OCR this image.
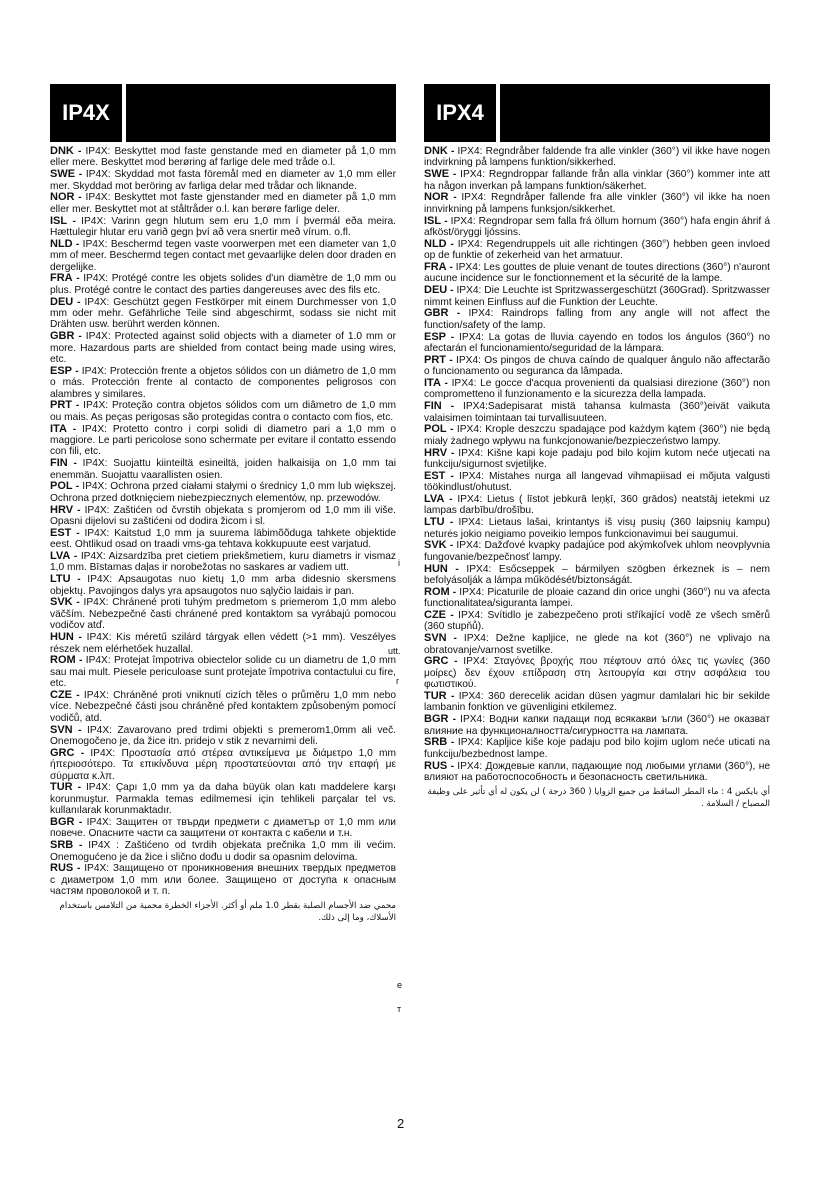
IP4X
DNK - IP4X: Beskyttet mod faste genstande med en diameter på 1,0 mm eller mere. Beskyttet mod berøring af farlige dele med tråde o.l.
SWE - IP4X: Skyddad mot fasta föremål med en diameter av 1,0 mm eller mer. Skyddad mot beröring av farliga delar med trådar och liknande.
NOR - IP4X: Beskyttet mot faste gjenstander med en diameter på 1,0 mm eller mer. Beskyttet mot at ståltråder o.l. kan berøre farlige deler.
ISL - IP4X: Varinn gegn hlutum sem eru 1,0 mm í þvermál eða meira. Hættulegir hlutar eru varið gegn því að vera snertir með vírum. o.fl.
NLD - IP4X: Beschermd tegen vaste voorwerpen met een diameter van 1,0 mm of meer. Beschermd tegen contact met gevaarlijke delen door draden en dergelijke.
FRA - IP4X: Protégé contre les objets solides d'un diamètre de 1,0 mm ou plus. Protégé contre le contact des parties dangereuses avec des fils etc.
DEU - IP4X: Geschützt gegen Festkörper mit einem Durchmesser von 1,0 mm oder mehr. Gefährliche Teile sind abgeschirmt, sodass sie nicht mit Drähten usw. berührt werden können.
GBR - IP4X: Protected against solid objects with a diameter of 1.0 mm or more. Hazardous parts are shielded from contact being made using wires, etc.
ESP - IP4X: Protección frente a objetos sólidos con un diámetro de 1,0 mm o más. Protección frente al contacto de componentes peligrosos con alambres y similares.
PRT - IP4X: Proteção contra objetos sólidos com um diâmetro de 1,0 mm ou mais. As peças perigosas são protegidas contra o contacto com fios, etc.
ITA - IP4X: Protetto contro i corpi solidi di diametro pari a 1,0 mm o maggiore. Le parti pericolose sono schermate per evitare il contatto essendo con fili, etc.
FIN - IP4X: Suojattu kiinteiltä esineiltä, joiden halkaisija on 1,0 mm tai enemmän. Suojattu vaarallisten osien.
POL - IP4X: Ochrona przed ciałami stałymi o średnicy 1,0 mm lub większej. Ochrona przed dotknięciem niebezpiecznych elementów, np. przewodów.
HRV - IP4X: Zaštićen od čvrstih objekata s promjerom od 1,0 mm ili više. Opasni dijelovi su zaštićeni od dodira žicom i sl.
EST - IP4X: Kaitstud 1,0 mm ja suurema läbimõõduga tahkete objektide eest. Ohtlikud osad on traadi vms-ga tehtava kokkupuute eest varjatud.
LVA - IP4X: Aizsardzība pret cietiem priekšmetiem, kuru diametrs ir vismaz 1,0 mm. Bīstamas daļas ir norobežotas no saskares ar vadiem utt.
LTU - IP4X: Apsaugotas nuo kietų 1,0 mm arba didesnio skersmens objektų. Pavojingos dalys yra apsaugotos nuo sąlyčio laidais ir pan.
SVK - IP4X: Chránené proti tuhým predmetom s priemerom 1,0 mm alebo väčším. Nebezpečné časti chránené pred kontaktom sa vyrábajú pomocou vodičov atď.
HUN - IP4X: Kis méretű szilárd tárgyak ellen védett (>1 mm). Veszélyes részek nem elérhetőek huzallal.
ROM - IP4X: Protejat împotriva obiectelor solide cu un diametru de 1,0 mm sau mai mult. Piesele periculoase sunt protejate împotriva contactului cu fire, etc.
CZE - IP4X: Chráněné proti vniknutí cizích těles o průměru 1,0 mm nebo více. Nebezpečné části jsou chráněné před kontaktem způsobeným pomocí vodičů, atd.
SVN - IP4X: Zavarovano pred trdimi objekti s premerom1,0mm ali več. Onemogočeno je, da žice itn. pridejo v stik z nevarnimi deli.
GRC - IP4X: Προστασία από στέρεα αντικείμενα με διάμετρο 1,0 mm ήπεριοσότερο. Τα επικίνδυνα μέρη προστατεύονται από την επαφή με σύρματα κ.λπ.
TUR - IP4X: Çapı 1,0 mm ya da daha büyük olan katı maddelere karşı korunmuştur. Parmakla temas edilmemesi için tehlikeli parçalar tel vs. kullanılarak korunmaktadır.
BGR - IP4X: Защитен от твърди предмети с диаметър от 1,0 mm или повече. Опасните части са защитени от контакта с кабели и т.н.
SRB - IP4X : Zaštićeno od tvrdih objekata prečnika 1,0 mm ili većim. Onemogućeno je da žice i slično dođu u dodir sa opasnim delovima.
RUS - IP4X: Защищено от проникновения внешних твердых предметов с диаметром 1,0 mm или более. Защищено от доступа к опасным частям проволокой и т. п.
محمي ضد الأجسام الصلبة بقطر 1.0 ملم أو أكثر. الأجزاء الخطرة محمية من التلامس باستخدام الأسلاك، وما إلى ذلك.
IPX4
DNK - IPX4: Regndråber faldende fra alle vinkler (360°) vil ikke have nogen indvirkning på lampens funktion/sikkerhed.
SWE - IPX4: Regndroppar fallande från alla vinklar (360°) kommer inte att ha någon inverkan på lampans funktion/säkerhet.
NOR - IPX4: Regndråper fallende fra alle vinkler (360°) vil ikke ha noen innvirkning på lampens funksjon/sikkerhet.
ISL - IPX4: Regndropar sem falla frá öllum hornum (360°) hafa engin áhrif á afköst/öryggi ljóssins.
NLD - IPX4: Regendruppels uit alle richtingen (360°) hebben geen invloed op de funktie of zekerheid van het armatuur.
FRA - IPX4: Les gouttes de pluie venant de toutes directions (360°) n'auront aucune incidence sur le fonctionnement et la sécurité de la lampe.
DEU - IPX4: Die Leuchte ist Spritzwassergeschützt (360Grad). Spritzwasser nimmt keinen Einfluss auf die Funktion der Leuchte.
GBR - IPX4: Raindrops falling from any angle will not affect the function/safety of the lamp.
ESP - IPX4: La gotas de lluvia cayendo en todos los ángulos (360°) no afectarán el funcionamiento/seguridad de la lámpara.
PRT - IPX4: Os pingos de chuva caíndo de qualquer ângulo não affectarão o funcionamento ou seguranca da lâmpada.
ITA - IPX4: Le gocce d'acqua provenienti da qualsiasi direzione (360°) non comprometteno il funzionamento e la sicurezza della lampada.
FIN - IPX4:Sadepisarat mistä tahansa kulmasta (360°)eivät vaikuta valaisimen toimintaan tai turvallisuuteen.
POL - IPX4: Krople deszczu spadające pod każdym kątem (360°) nie będą miały żadnego wpływu na funkcjonowanie/bezpieczeństwo lampy.
HRV - IPX4: Kišne kapi koje padaju pod bilo kojim kutom neće utjecati na funkciju/sigurnost svjetiljke.
EST - IPX4: Mistahes nurga all langevad vihmapiisad ei mõjuta valgusti töökindlust/ohutust.
LVA - IPX4: Lietus ( līstot jebkurā leņķī, 360 grādos) neatstāj ietekmi uz lampas darbību/drošību.
LTU - IPX4: Lietaus lašai, krintantys iš visų pusių (360 laipsnių kampu) neturės jokio neigiamo poveikio lempos funkcionavimui bei saugumui.
SVK - IPX4: Dažďové kvapky padajúce pod akýmkoľvek uhlom neovplyvnia fungovanie/bezpečnosť lampy.
HUN - IPX4: Esőcseppek – bármilyen szögben érkeznek is – nem befolyásolják a lámpa működését/biztonságát.
ROM - IPX4: Picaturile de ploaie cazand din orice unghi (360°) nu va afecta functionalitatea/siguranta lampei.
CZE - IPX4: Svítidlo je zabezpečeno proti stříkající vodě ze všech směrů (360 stupňů).
SVN - IPX4: Dežne kapljice, ne glede na kot (360°) ne vplivajo na obratovanje/varnost svetilke.
GRC - IPX4: Σταγόνες βροχής που πέφτουν από όλες τις γωνίες (360 μοίρες) δεν έχουν επίδραση στη λειτουργία και στην ασφάλεια του φωτιστικού.
TUR - IPX4: 360 derecelik acidan düsen yagmur damlalari hic bir sekilde lambanin fonktion ve güvenligini etkilemez.
BGR - IPX4: Водни капки падащи под всякакви ъгли (360°) не оказват влияние на функционалността/сигурността на лампата.
SRB - IPX4: Kapljice kiše koje padaju pod bilo kojim uglom neće uticati na funkciju/bezbednost lampe.
RUS - IPX4: Дождевые капли, падающие под любыми углами (360°), не влияют на работоспособность и безопасность светильника.
أي بايكس 4 : ماء المطر الساقط من جميع الزوايا ( 360 درجة ) لن يكون له أي تأثير على وظيفة المصباح / السلامة .
i
utt.
r
e
т
2
